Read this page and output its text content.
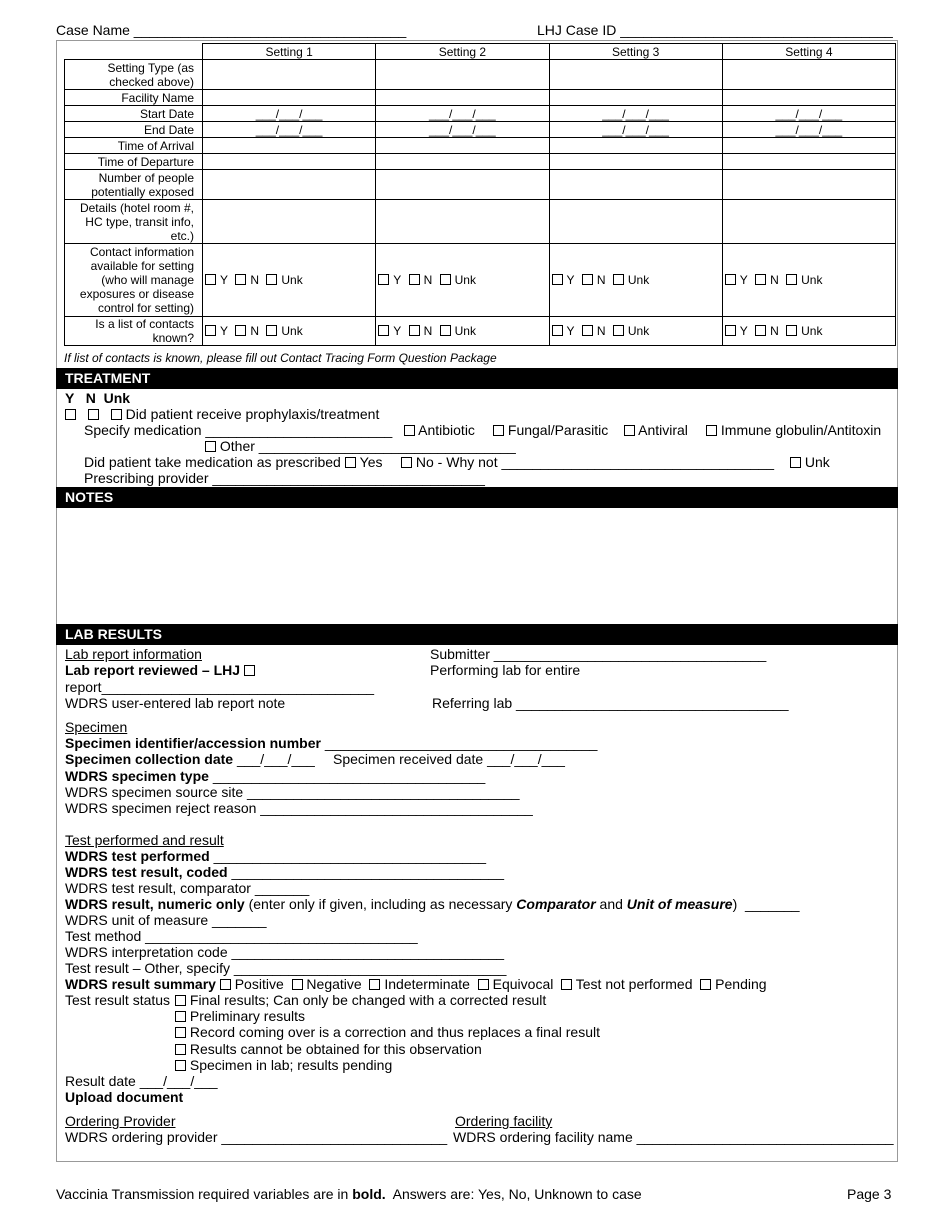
Case Name ___________________________________	LHJ Case ID ___________________________________
	Setting 1	Setting 2	Setting 3	Setting 4
Setting Type (as checked above)				
Facility Name				
Start Date	___/___/___	___/___/___	___/___/___	___/___/___
End Date	___/___/___	___/___/___	___/___/___	___/___/___
Time of Arrival				
Time of Departure				
Number of people potentially exposed				
Details (hotel room #, HC type, transit info, etc.)				
Contact information available for setting (who will manage exposures or disease control for setting)	Y N Unk	Y N Unk	Y N Unk	Y N Unk
Is a list of contacts known?	Y N Unk	Y N Unk	Y N Unk	Y N Unk
If list of contacts is known, please fill out Contact Tracing Form Question Package
TREATMENT
Y   N  Unk
Did patient receive prophylaxis/treatment
Specify medication ________________________	Antibiotic	Fungal/Parasitic	Antiviral	Immune globulin/Antitoxin
Other _________________________________
Did patient take medication as prescribed	Yes	No - Why not ___________________________________	Unk
Prescribing provider ___________________________________
NOTES
LAB RESULTS
Lab report information
Lab report reviewed – LHJ
report___________________________________
WDRS user-entered lab report note
Submitter ___________________________________
Performing lab for entire
Referring lab ___________________________________
Specimen
Specimen identifier/accession number ___________________________________
Specimen collection date ___/___/___ Specimen received date ___/___/___
WDRS specimen type ___________________________________
WDRS specimen source site ___________________________________
WDRS specimen reject reason ___________________________________
Test performed and result
WDRS test performed ___________________________________
WDRS test result, coded ___________________________________
WDRS test result, comparator _______
WDRS result, numeric only (enter only if given, including as necessary Comparator and Unit of measure)  _______
WDRS unit of measure _______
Test method ___________________________________
WDRS interpretation code ___________________________________
Test result – Other, specify ___________________________________
WDRS result summary Positive Negative Indeterminate Equivocal Test not performed Pending
Test result status	Final results; Can only be changed with a corrected result
Preliminary results
Record coming over is a correction and thus replaces a final result
Results cannot be obtained for this observation
Specimen in lab; results pending
Result date ___/___/___
Upload document
Ordering Provider
WDRS ordering provider _____________________________
Ordering facility
WDRS ordering facility name _________________________________
Vaccinia Transmission required variables are in bold.  Answers are: Yes, No, Unknown to case	Page 3
